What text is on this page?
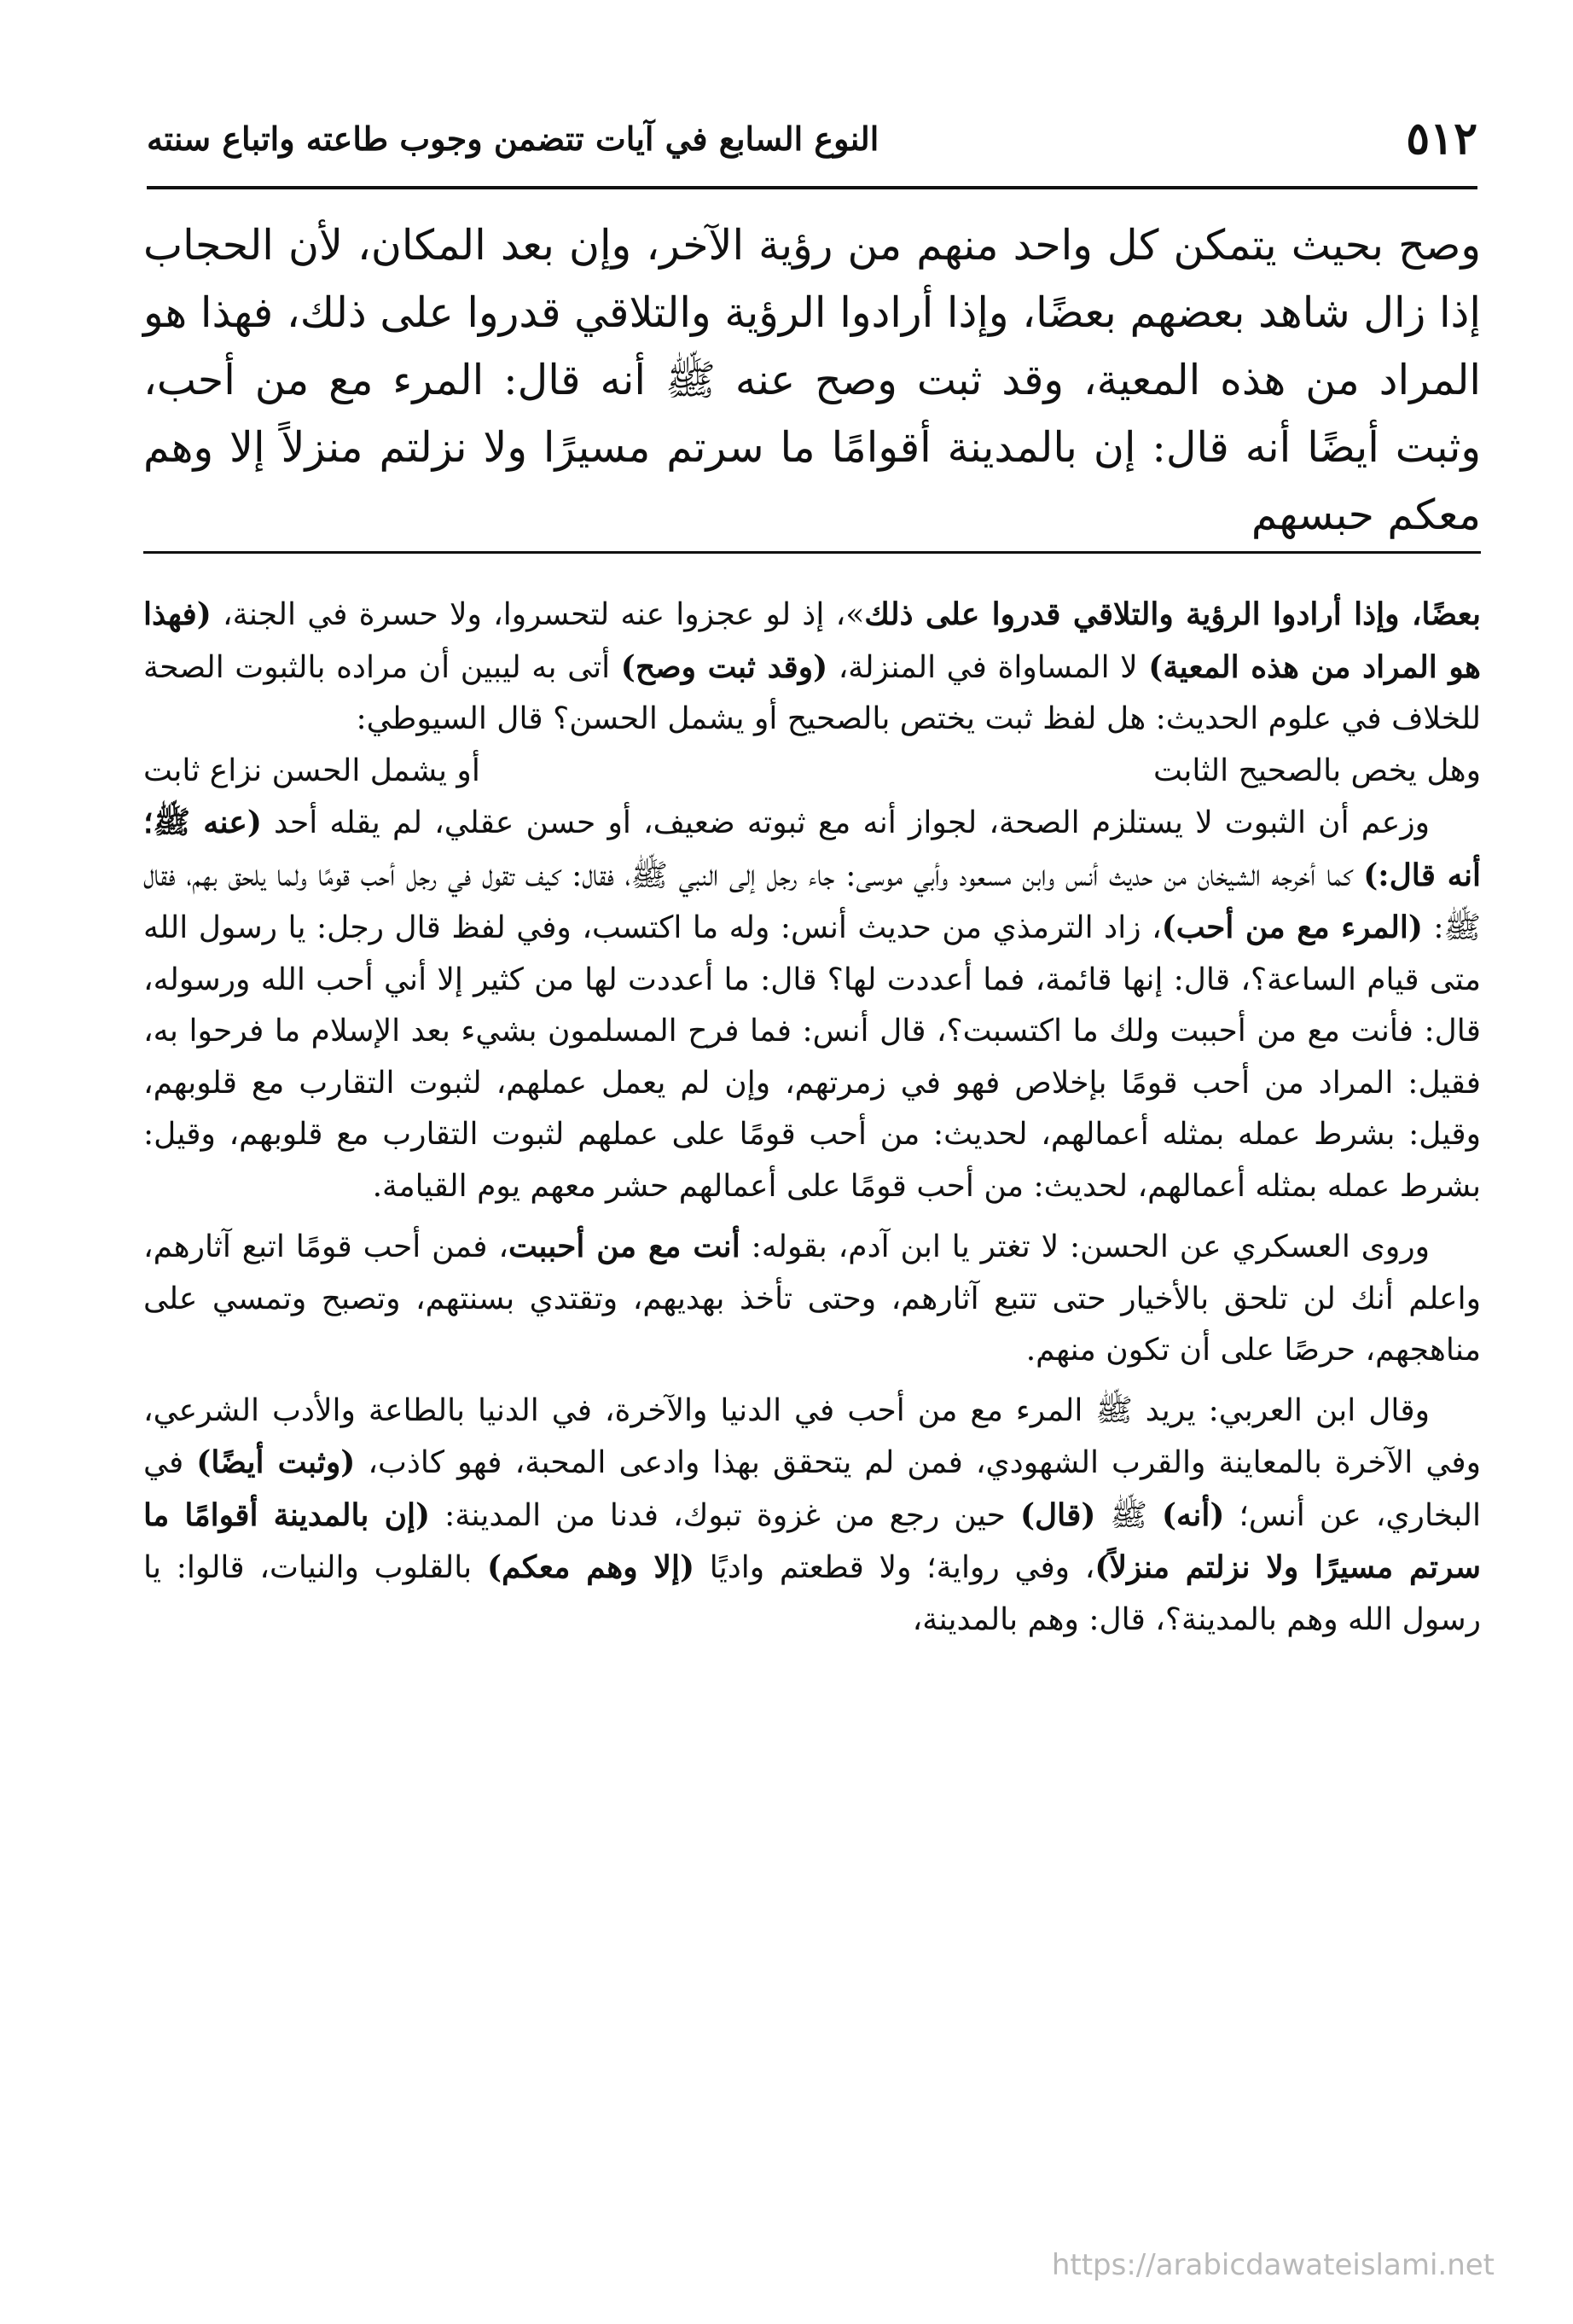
٥١٢
النوع السابع في آيات تتضمن وجوب طاعته واتباع سنته

وصح بحيث يتمكن كل واحد منهم من رؤية الآخر، وإن بعد المكان، لأن الحجاب إذا زال شاهد بعضهم بعضًا، وإذا أرادوا الرؤية والتلاقي قدروا على ذلك، فهذا هو المراد من هذه المعية، وقد ثبت وصح عنه ﷺ أنه قال: المرء مع من أحب، وثبت أيضًا أنه قال: إن بالمدينة أقوامًا ما سرتم مسيرًا ولا نزلتم منزلاً إلا وهم معكم حبسهم

بعضًا، وإذا أرادوا الرؤية والتلاقي قدروا على ذلك»، إذ لو عجزوا عنه لتحسروا، ولا حسرة في الجنة، (فهذا هو المراد من هذه المعية) لا المساواة في المنزلة، (وقد ثبت وصح) أتى به ليبين أن مراده بالثبوت الصحة للخلاف في علوم الحديث: هل لفظ ثبت يختص بالصحيح أو يشمل الحسن؟ قال السيوطي:

وهل يخص بالصحيح الثابت
أو يشمل الحسن نزاع ثابت

وزعم أن الثبوت لا يستلزم الصحة، لجواز أنه مع ثبوته ضعيف، أو حسن عقلي، لم يقله أحد (عنه ﷺ؛ أنه قال:) كما أخرجه الشيخان من حديث أنس وابن مسعود وأبي موسى: جاء رجل إلى النبي ﷺ، فقال: كيف تقول في رجل أحب قومًا ولما يلحق بهم، فقال ﷺ: (المرء مع من أحب)، زاد الترمذي من حديث أنس: وله ما اكتسب، وفي لفظ قال رجل: يا رسول الله متى قيام الساعة؟، قال: إنها قائمة، فما أعددت لها؟ قال: ما أعددت لها من كثير إلا أني أحب الله ورسوله، قال: فأنت مع من أحببت ولك ما اكتسبت؟، قال أنس: فما فرح المسلمون بشيء بعد الإسلام ما فرحوا به، فقيل: المراد من أحب قومًا بإخلاص فهو في زمرتهم، وإن لم يعمل عملهم، لثبوت التقارب مع قلوبهم، وقيل: بشرط عمله بمثله أعمالهم، لحديث: من أحب قومًا على عملهم لثبوت التقارب مع قلوبهم، وقيل: بشرط عمله بمثله أعمالهم، لحديث: من أحب قومًا على أعمالهم حشر معهم يوم القيامة.

وروى العسكري عن الحسن: لا تغتر يا ابن آدم، بقوله: أنت مع من أحببت، فمن أحب قومًا اتبع آثارهم، واعلم أنك لن تلحق بالأخيار حتى تتبع آثارهم، وحتى تأخذ بهديهم، وتقتدي بسنتهم، وتصبح وتمسي على مناهجهم، حرصًا على أن تكون منهم.

وقال ابن العربي: يريد ﷺ المرء مع من أحب في الدنيا والآخرة، في الدنيا بالطاعة والأدب الشرعي، وفي الآخرة بالمعاينة والقرب الشهودي، فمن لم يتحقق بهذا وادعى المحبة، فهو كاذب، (وثبت أيضًا) في البخاري، عن أنس؛ (أنه) ﷺ (قال) حين رجع من غزوة تبوك، فدنا من المدينة: (إن بالمدينة أقوامًا ما سرتم مسيرًا ولا نزلتم منزلاً)، وفي رواية؛ ولا قطعتم واديًا (إلا وهم معكم) بالقلوب والنيات، قالوا: يا رسول الله وهم بالمدينة؟، قال: وهم بالمدينة،

https://arabicdawateislami.net
